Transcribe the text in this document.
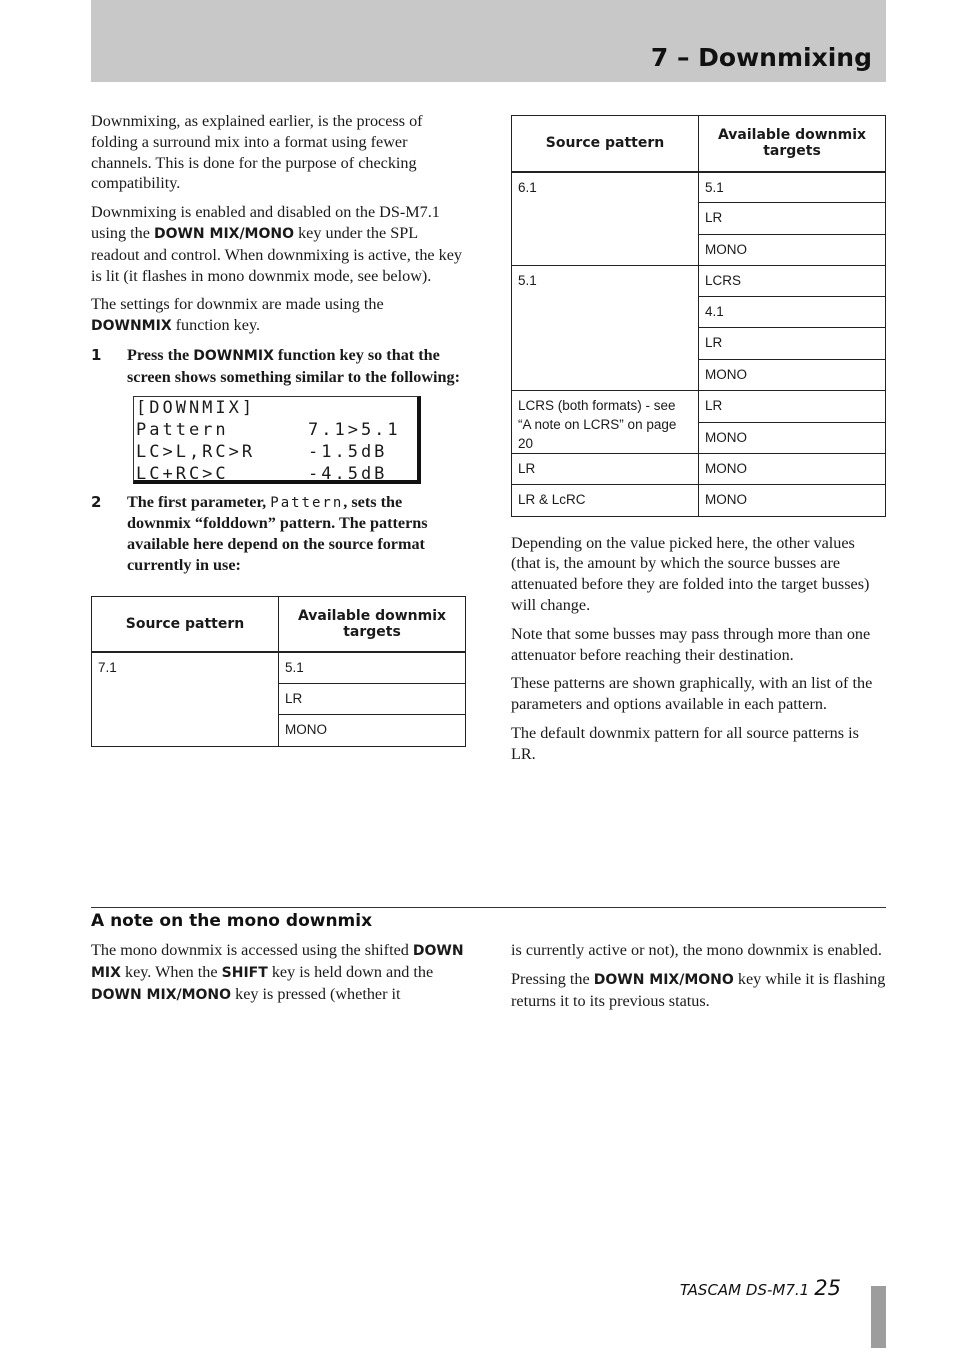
7 – Downmixing

Downmixing, as explained earlier, is the process of folding a surround mix into a format using fewer channels. This is done for the purpose of checking compatibility.

Downmixing is enabled and disabled on the DS-M7.1 using the DOWN MIX/MONO key under the SPL readout and control. When downmixing is active, the key is lit (it flashes in mono downmix mode, see below).

The settings for downmix are made using the DOWNMIX function key.

1	Press the DOWNMIX function key so that the screen shows something similar to the following:
[DOWNMIX]
Pattern	7.1>5.1
LC>L,RC>R	-1.5dB
LC+RC>C	-4.5dB
2	The first parameter, Pattern, sets the downmix “folddown” pattern. The patterns available here depend on the source format currently in use:
Source pattern	Available downmix targets
7.1	5.1
	LR
	MONO
Source pattern	Available downmix targets
6.1	5.1
	LR
	MONO
5.1	LCRS
	4.1
	LR
	MONO
LCRS (both formats) - see “A note on LCRS” on page 20	LR
	MONO
LR	MONO
LR & LcRC	MONO

Depending on the value picked here, the other values (that is, the amount by which the source busses are attenuated before they are folded into the target busses) will change.

Note that some busses may pass through more than one attenuator before reaching their destination.

These patterns are shown graphically, with an list of the parameters and options available in each pattern.

The default downmix pattern for all source patterns is LR.

A note on the mono downmix

The mono downmix is accessed using the shifted DOWN MIX key. When the SHIFT key is held down and the DOWN MIX/MONO key is pressed (whether it

is currently active or not), the mono downmix is enabled.

Pressing the DOWN MIX/MONO key while it is flashing returns it to its previous status.

TASCAM DS-M7.1 25
